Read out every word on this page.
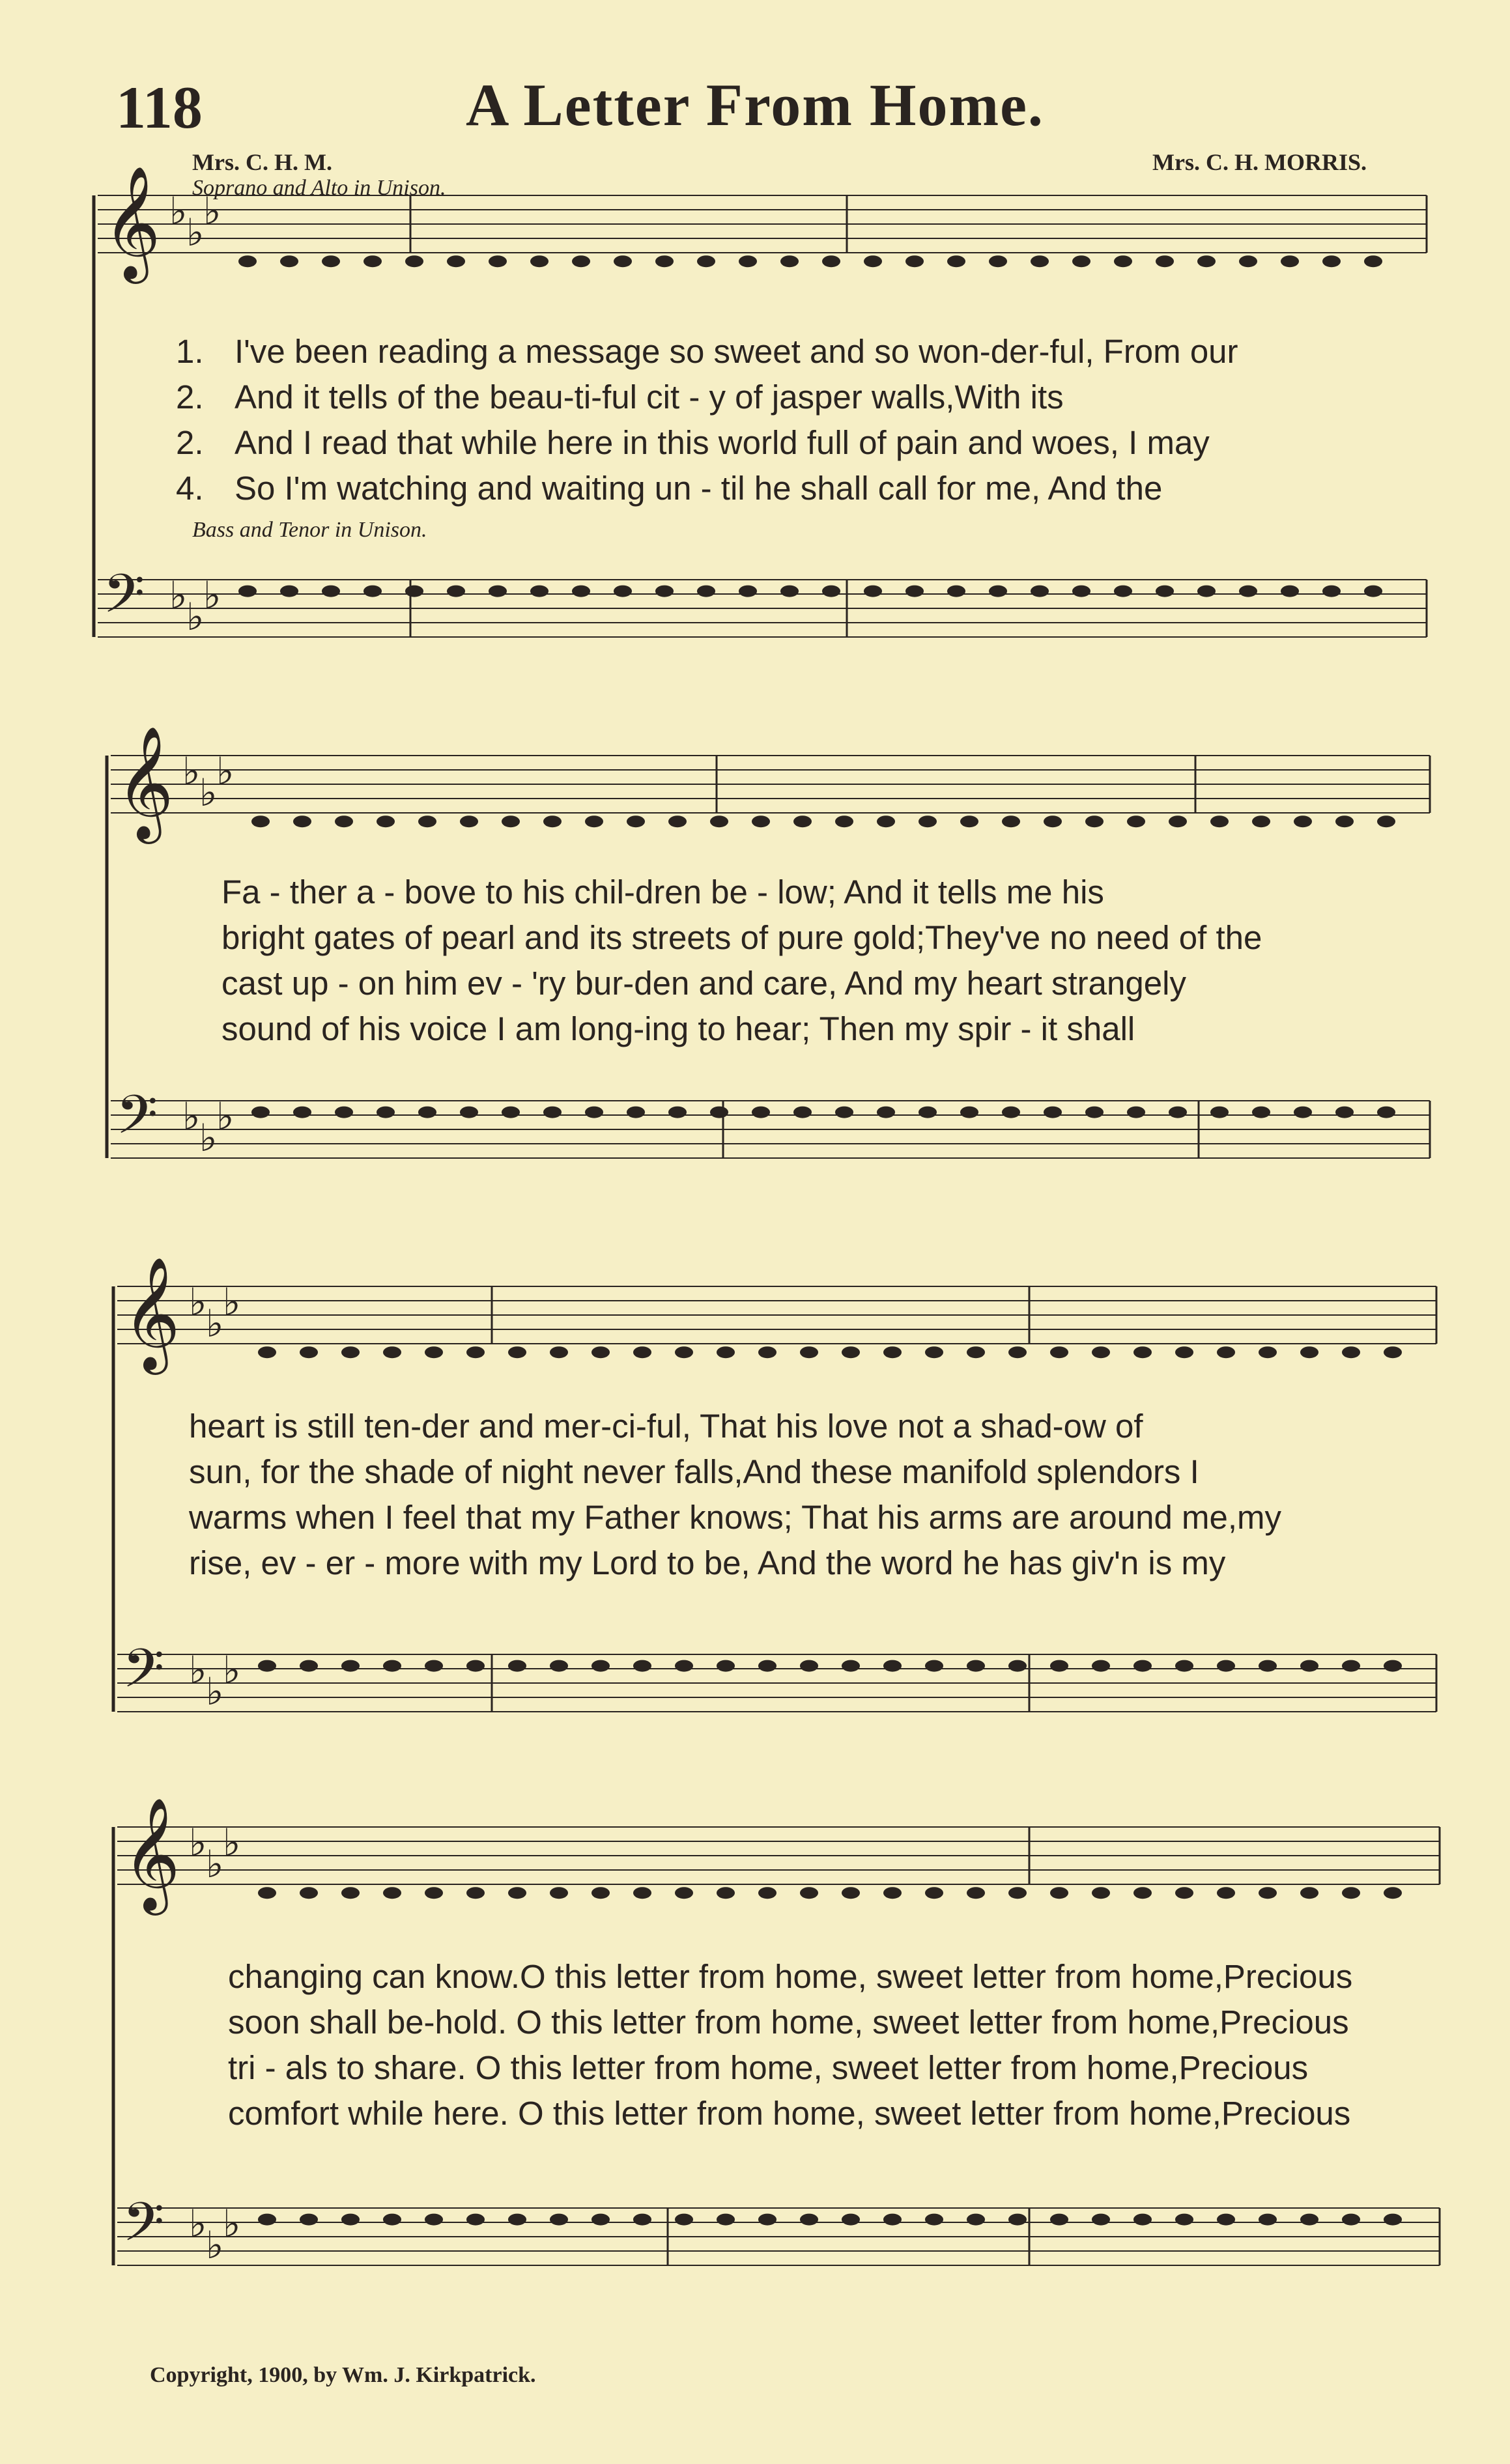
118	A Letter From Home.
Mrs. C. H. M.	Mrs. C. H. MORRIS.
Soprano and Alto in Unison.
Bass and Tenor in Unison.
𝄞 ♭
♭
♭
𝄢 ♭
♭
♭
𝄞 ♭
♭
♭
𝄢 ♭
♭
♭
𝄞 ♭
♭
♭
𝄢 ♭
♭
♭
𝄞 ♭
♭
♭
𝄢 ♭
♭
♭
1. I've been reading a message so sweet and so won-der-ful, From our
2. And it tells of the beau-ti-ful cit - y of jasper walls,With its
2. And I read that while here in this world full of pain and woes, I may
4. So I'm watching and waiting un - til he shall call for me, And the
Fa - ther a - bove to his chil-dren be - low; And it tells me his
bright gates of pearl and its streets of pure gold;They've no need of the
cast up - on him ev - 'ry bur-den and care, And my heart strangely
sound of his voice I am long-ing to hear; Then my spir - it shall
heart is still ten-der and mer-ci-ful, That his love not a shad-ow of
sun, for the shade of night never falls,And these manifold splendors I
warms when I feel that my Father knows; That his arms are around me,my
rise, ev - er - more with my Lord to be, And the word he has giv'n is my
changing can know.O this letter from home, sweet letter from home,Precious
soon shall be-hold. O this letter from home, sweet letter from home,Precious
tri - als to share. O this letter from home, sweet letter from home,Precious
comfort while here. O this letter from home, sweet letter from home,Precious
Copyright, 1900, by Wm. J. Kirkpatrick.
